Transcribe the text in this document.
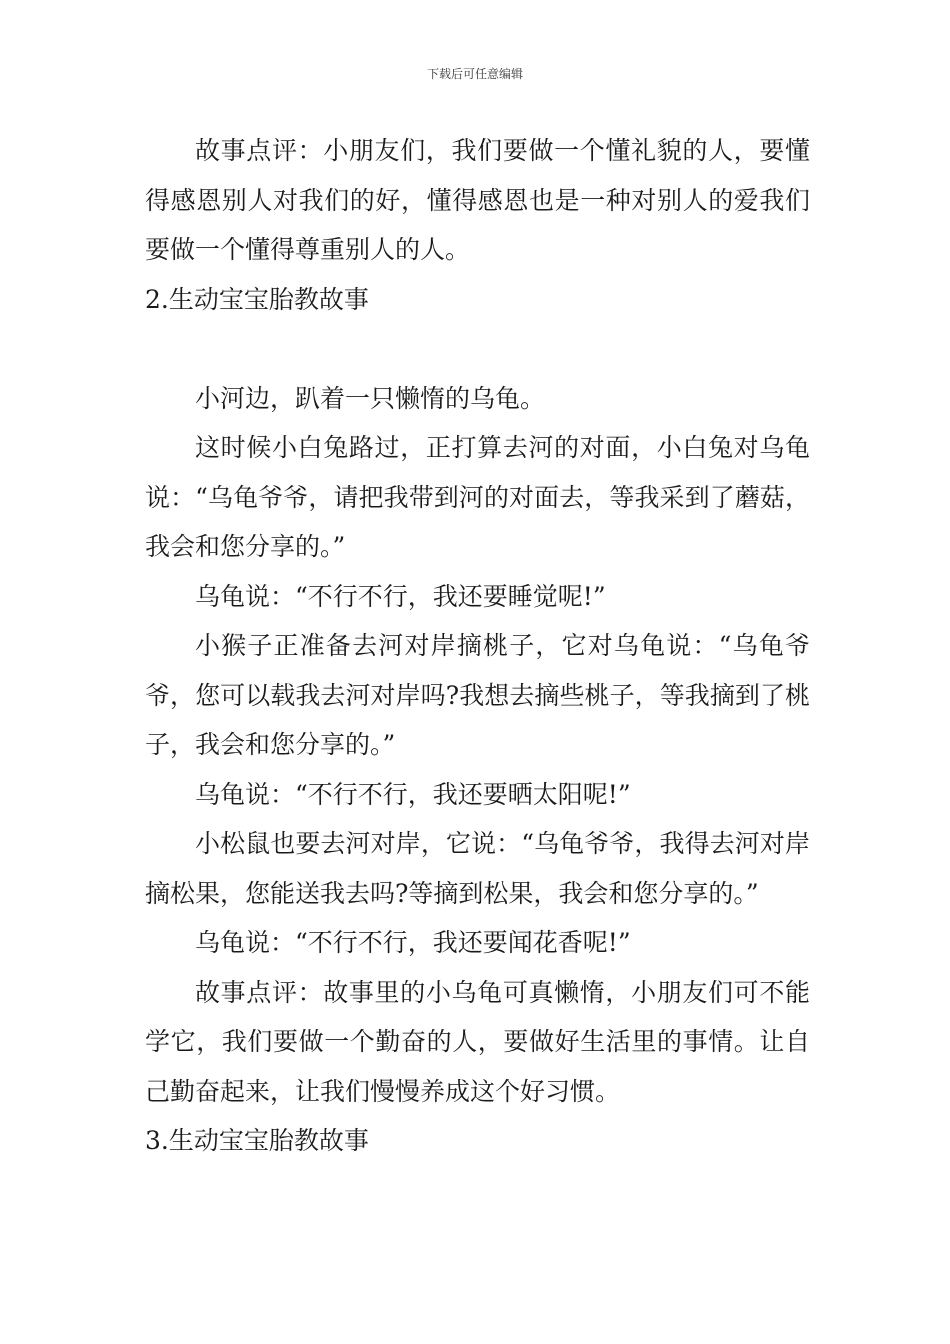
下载后可任意编辑

故事点评：小朋友们，我们要做一个懂礼貌的人，要懂得感恩别人对我们的好，懂得感恩也是一种对别人的爱我们要做一个懂得尊重别人的人。

2.生动宝宝胎教故事

小河边，趴着一只懒惰的乌龟。

这时候小白兔路过，正打算去河的对面，小白兔对乌龟说：“乌龟爷爷，请把我带到河的对面去，等我采到了蘑菇，我会和您分享的。”

乌龟说：“不行不行，我还要睡觉呢!”

小猴子正准备去河对岸摘桃子，它对乌龟说：“乌龟爷爷，您可以载我去河对岸吗?我想去摘些桃子，等我摘到了桃子，我会和您分享的。”

乌龟说：“不行不行，我还要晒太阳呢!”

小松鼠也要去河对岸，它说：“乌龟爷爷，我得去河对岸摘松果，您能送我去吗?等摘到松果，我会和您分享的。”

乌龟说：“不行不行，我还要闻花香呢!”

故事点评：故事里的小乌龟可真懒惰，小朋友们可不能学它，我们要做一个勤奋的人，要做好生活里的事情。让自己勤奋起来，让我们慢慢养成这个好习惯。

3.生动宝宝胎教故事
